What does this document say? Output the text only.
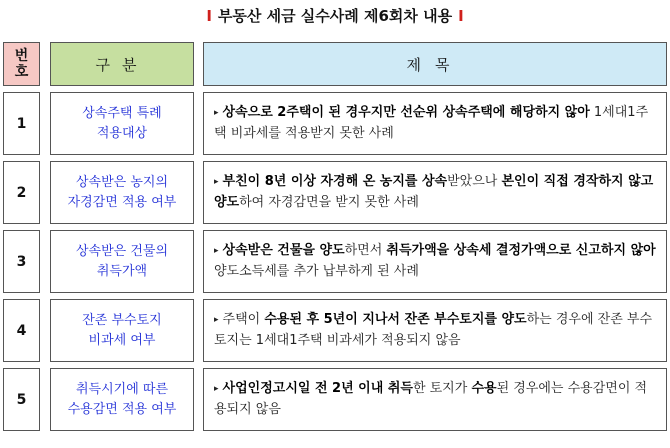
I 부동산 세금 실수사례 제6회차 내용 I
번호	구분	제목
1
상속주택 특례
적용대상
▸ 상속으로 2주택이 된 경우지만 선순위 상속주택에 해당하지 않아 1세대1주택 비과세를 적용받지 못한 사례
2
상속받은 농지의
자경감면 적용 여부
▸ 부친이 8년 이상 자경해 온 농지를 상속받았으나 본인이 직접 경작하지 않고 양도하여 자경감면을 받지 못한 사례
3
상속받은 건물의
취득가액
▸ 상속받은 건물을 양도하면서 취득가액을 상속세 결정가액으로 신고하지 않아 양도소득세를 추가 납부하게 된 사례
4
잔존 부수토지
비과세 여부
▸ 주택이 수용된 후 5년이 지나서 잔존 부수토지를 양도하는 경우에 잔존 부수토지는 1세대1주택 비과세가 적용되지 않음
5
취득시기에 따른
수용감면 적용 여부
▸ 사업인정고시일 전 2년 이내 취득한 토지가 수용된 경우에는 수용감면이 적용되지 않음
